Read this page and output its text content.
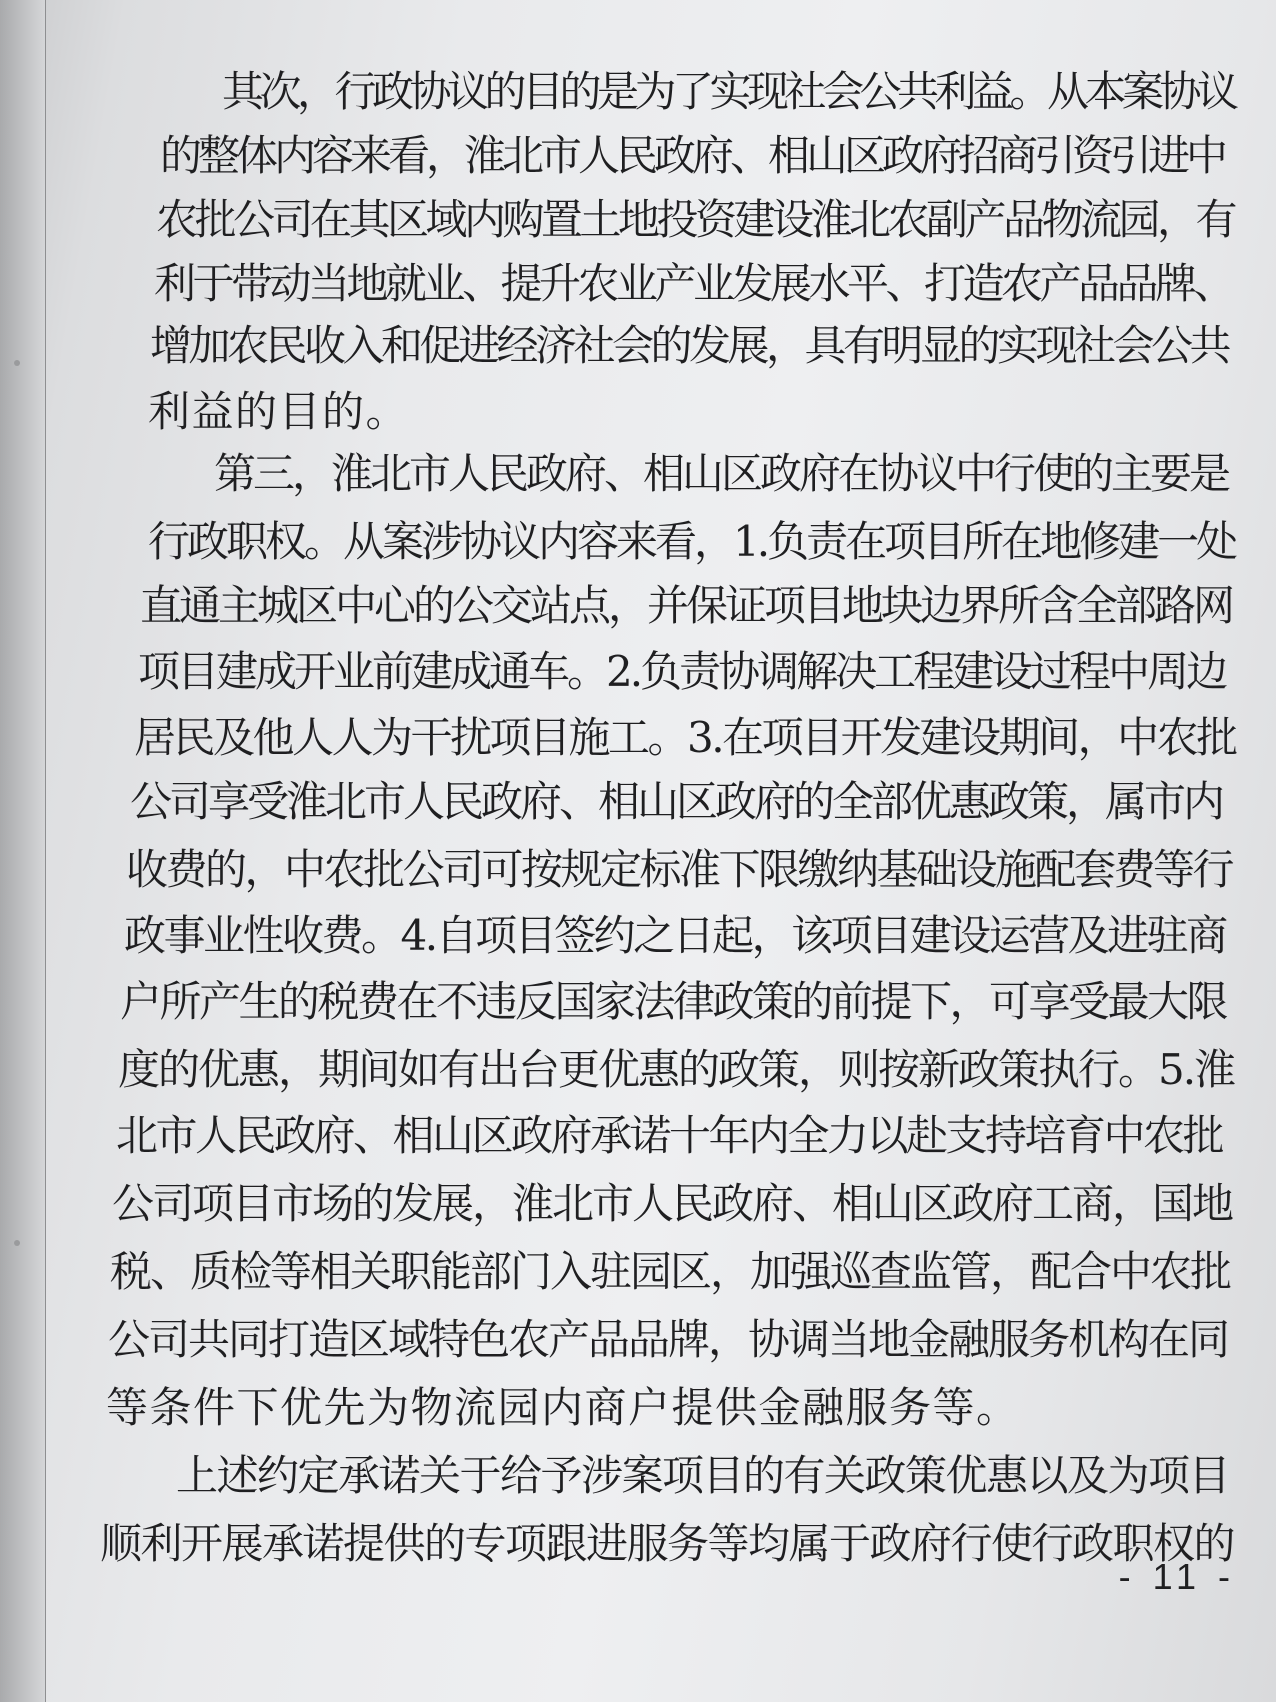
其次，行政协议的目的是为了实现社会公共利益。从本案协议

的整体内容来看，淮北市人民政府、相山区政府招商引资引进中

农批公司在其区域内购置土地投资建设淮北农副产品物流园，有

利于带动当地就业、提升农业产业发展水平、打造农产品品牌、

增加农民收入和促进经济社会的发展，具有明显的实现社会公共

利益的目的。

第三，淮北市人民政府、相山区政府在协议中行使的主要是

行政职权。从案涉协议内容来看，1.负责在项目所在地修建一处

直通主城区中心的公交站点，并保证项目地块边界所含全部路网

项目建成开业前建成通车。2.负责协调解决工程建设过程中周边

居民及他人人为干扰项目施工。3.在项目开发建设期间，中农批

公司享受淮北市人民政府、相山区政府的全部优惠政策，属市内

收费的，中农批公司可按规定标准下限缴纳基础设施配套费等行

政事业性收费。4.自项目签约之日起，该项目建设运营及进驻商

户所产生的税费在不违反国家法律政策的前提下，可享受最大限

度的优惠，期间如有出台更优惠的政策，则按新政策执行。5.淮

北市人民政府、相山区政府承诺十年内全力以赴支持培育中农批

公司项目市场的发展，淮北市人民政府、相山区政府工商，国地

税、质检等相关职能部门入驻园区，加强巡查监管，配合中农批

公司共同打造区域特色农产品品牌，协调当地金融服务机构在同

等条件下优先为物流园内商户提供金融服务等。

上述约定承诺关于给予涉案项目的有关政策优惠以及为项目

顺利开展承诺提供的专项跟进服务等均属于政府行使行政职权的

- 11 -
